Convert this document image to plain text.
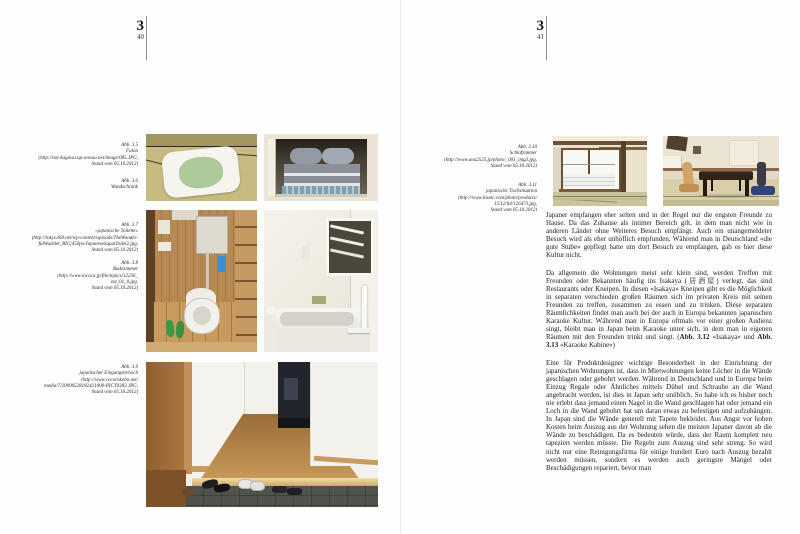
3
40
Abb. 3.5
Futon
(http://not-kagawa.up.seesaa.net/image/085.JPG,
Stand vom 05.10.2012)
Abb. 3.6
Wandschrank
Abb. 3.7
«japanische Toilette»
(http://tokyo360.net/wp-content/uploads/TheWonder-
fulWashlet_BIG/450px/JapaneseSquatToilet2.jpg,
Stand vom 05.10.2012)
Abb. 3.8
Badezimmer
(http://www.iococa.jp/file/topics/12236_
ext_01_0.jpg,
Stand vom 05.10.2012)
Abb. 3.9
japanischer Eingangsbereich
(http://www.cocorokobo.net/
media/7/20090528182421000-PICT0383.JPG,
Stand vom 05.10.2012)
3
41
Abb. 3.10
Schlafzimmer
(http://www.ana2525.jp/photo/_001_img3.jpg,
Stand vom 05.10.2012)
Abb. 3.11
japanische Tischsituation
(http://www.hisetc.com/photo/products/
15/12/64/126473.jpg,
Stand vom 05.10.2012)

Japaner empfangen eher selten und in der Regel nur die engsten Freunde zu Hause. Da das Zuhause als intimer Bereich gilt, in dem man nicht wie in anderen Länder ohne Weiteres Besuch empfängt. Auch ein unangemeldeter Besuch wird als eher unhöflich empfunden. Während man in Deutschland «die gute Stube» gepflegt hatte um dort Besuch zu empfangen, gab es hier diese Kultur nicht.

Da allgemein die Wohnungen meist sehr klein sind, werden Treffen mit Freunden oder Bekannten häufig ins Isakaya (居酒屋) verlegt, das sind Restaurants oder Kneipen. In diesen «Isakaya» Kneipen gibt es die Möglichkeit in separaten verschieden großen Räumen sich im privaten Kreis mit seinen Freunden zu treffen, zusammen zu essen und zu trinken. Diese separaten Räumlichkeiten findet man auch bei der auch in Europa bekannten japanischen Karaoke Kultur. Während man in Europa oftmals vor einer großen Audienz singt, bleibt man in Japan beim Karaoke unter sich, in dem man in eigenen Räumen mit den Freunden trinkt und singt. (Abb. 3.12 «Isakaya» und Abb. 3.13 «Karaoke Kabine»)

Eine für Produktdesigner wichtige Besonderheit in der Einrichtung der japanischen Wohnungen ist, dass in Mietwohnungen keine Löcher in die Wände geschlagen oder gebohrt werden. Während in Deutschland und in Europa beim Einzug Regale oder Ähnliches mittels Dübel und Schraube an die Wand angebracht werden, ist dies in Japan sehr unüblich. So habe ich es bisher noch nie erlebt dass jemand einen Nagel in die Wand geschlagen hat oder jemand ein Loch in die Wand gebohrt hat um daran etwas zu befestigen und aufzuhängen. In Japan sind die Wände generell mit Tapete bekleidet. Aus Angst vor hohen Kosten beim Auszug aus der Wohnung sehen die meisten Japaner davon ab die Wände zu beschädigen. Da es bedeuten würde, dass der Raum komplett neu tapeziert werden müsste. Die Regeln zum Auszug sind sehr streng. So wird nicht nur eine Reinigungsfirma für einige hundert Euro nach Auszug bezahlt werden müssen, sondern es werden auch geringste Mängel oder Beschädigungen repariert, bevor man
